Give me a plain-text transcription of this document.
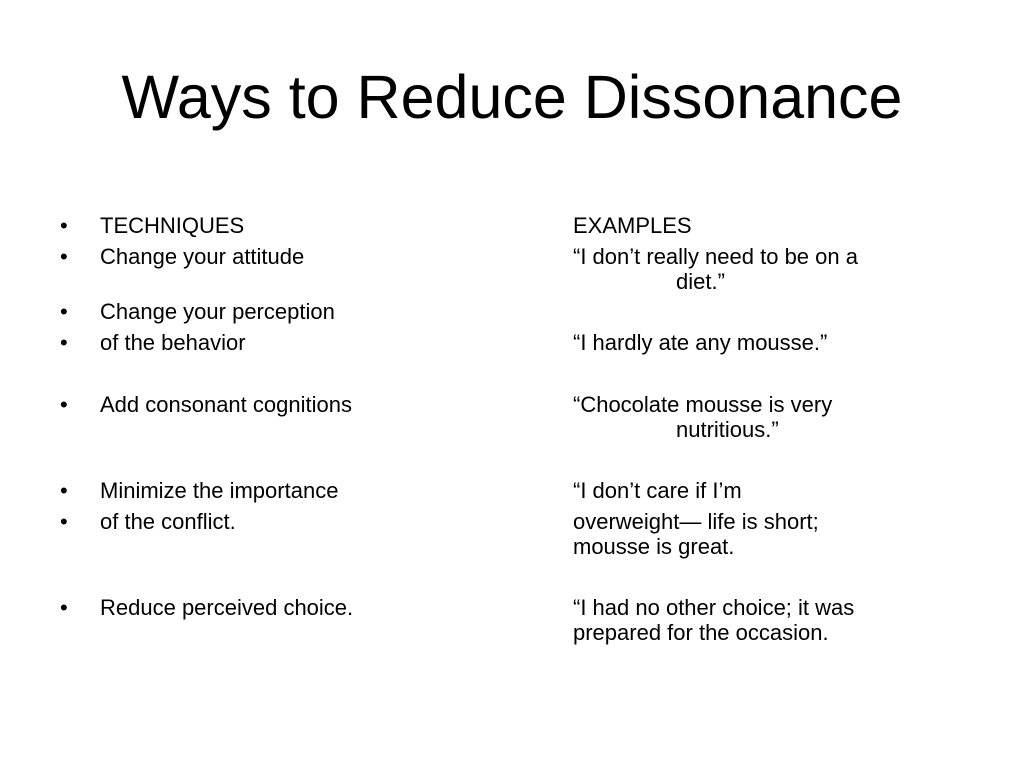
Ways to Reduce Dissonance
• TECHNIQUES	EXAMPLES
• Change your attitude	“I don’t really need to be on a
diet.”
• Change your perception
• of the behavior	“I hardly ate any mousse.”
• Add consonant cognitions	“Chocolate mousse is very
nutritious.”
• Minimize the importance	“I don’t care if I’m
• of the conflict.	overweight— life is short;
mousse is great.
• Reduce perceived choice.	“I had no other choice; it was
prepared for the occasion.
